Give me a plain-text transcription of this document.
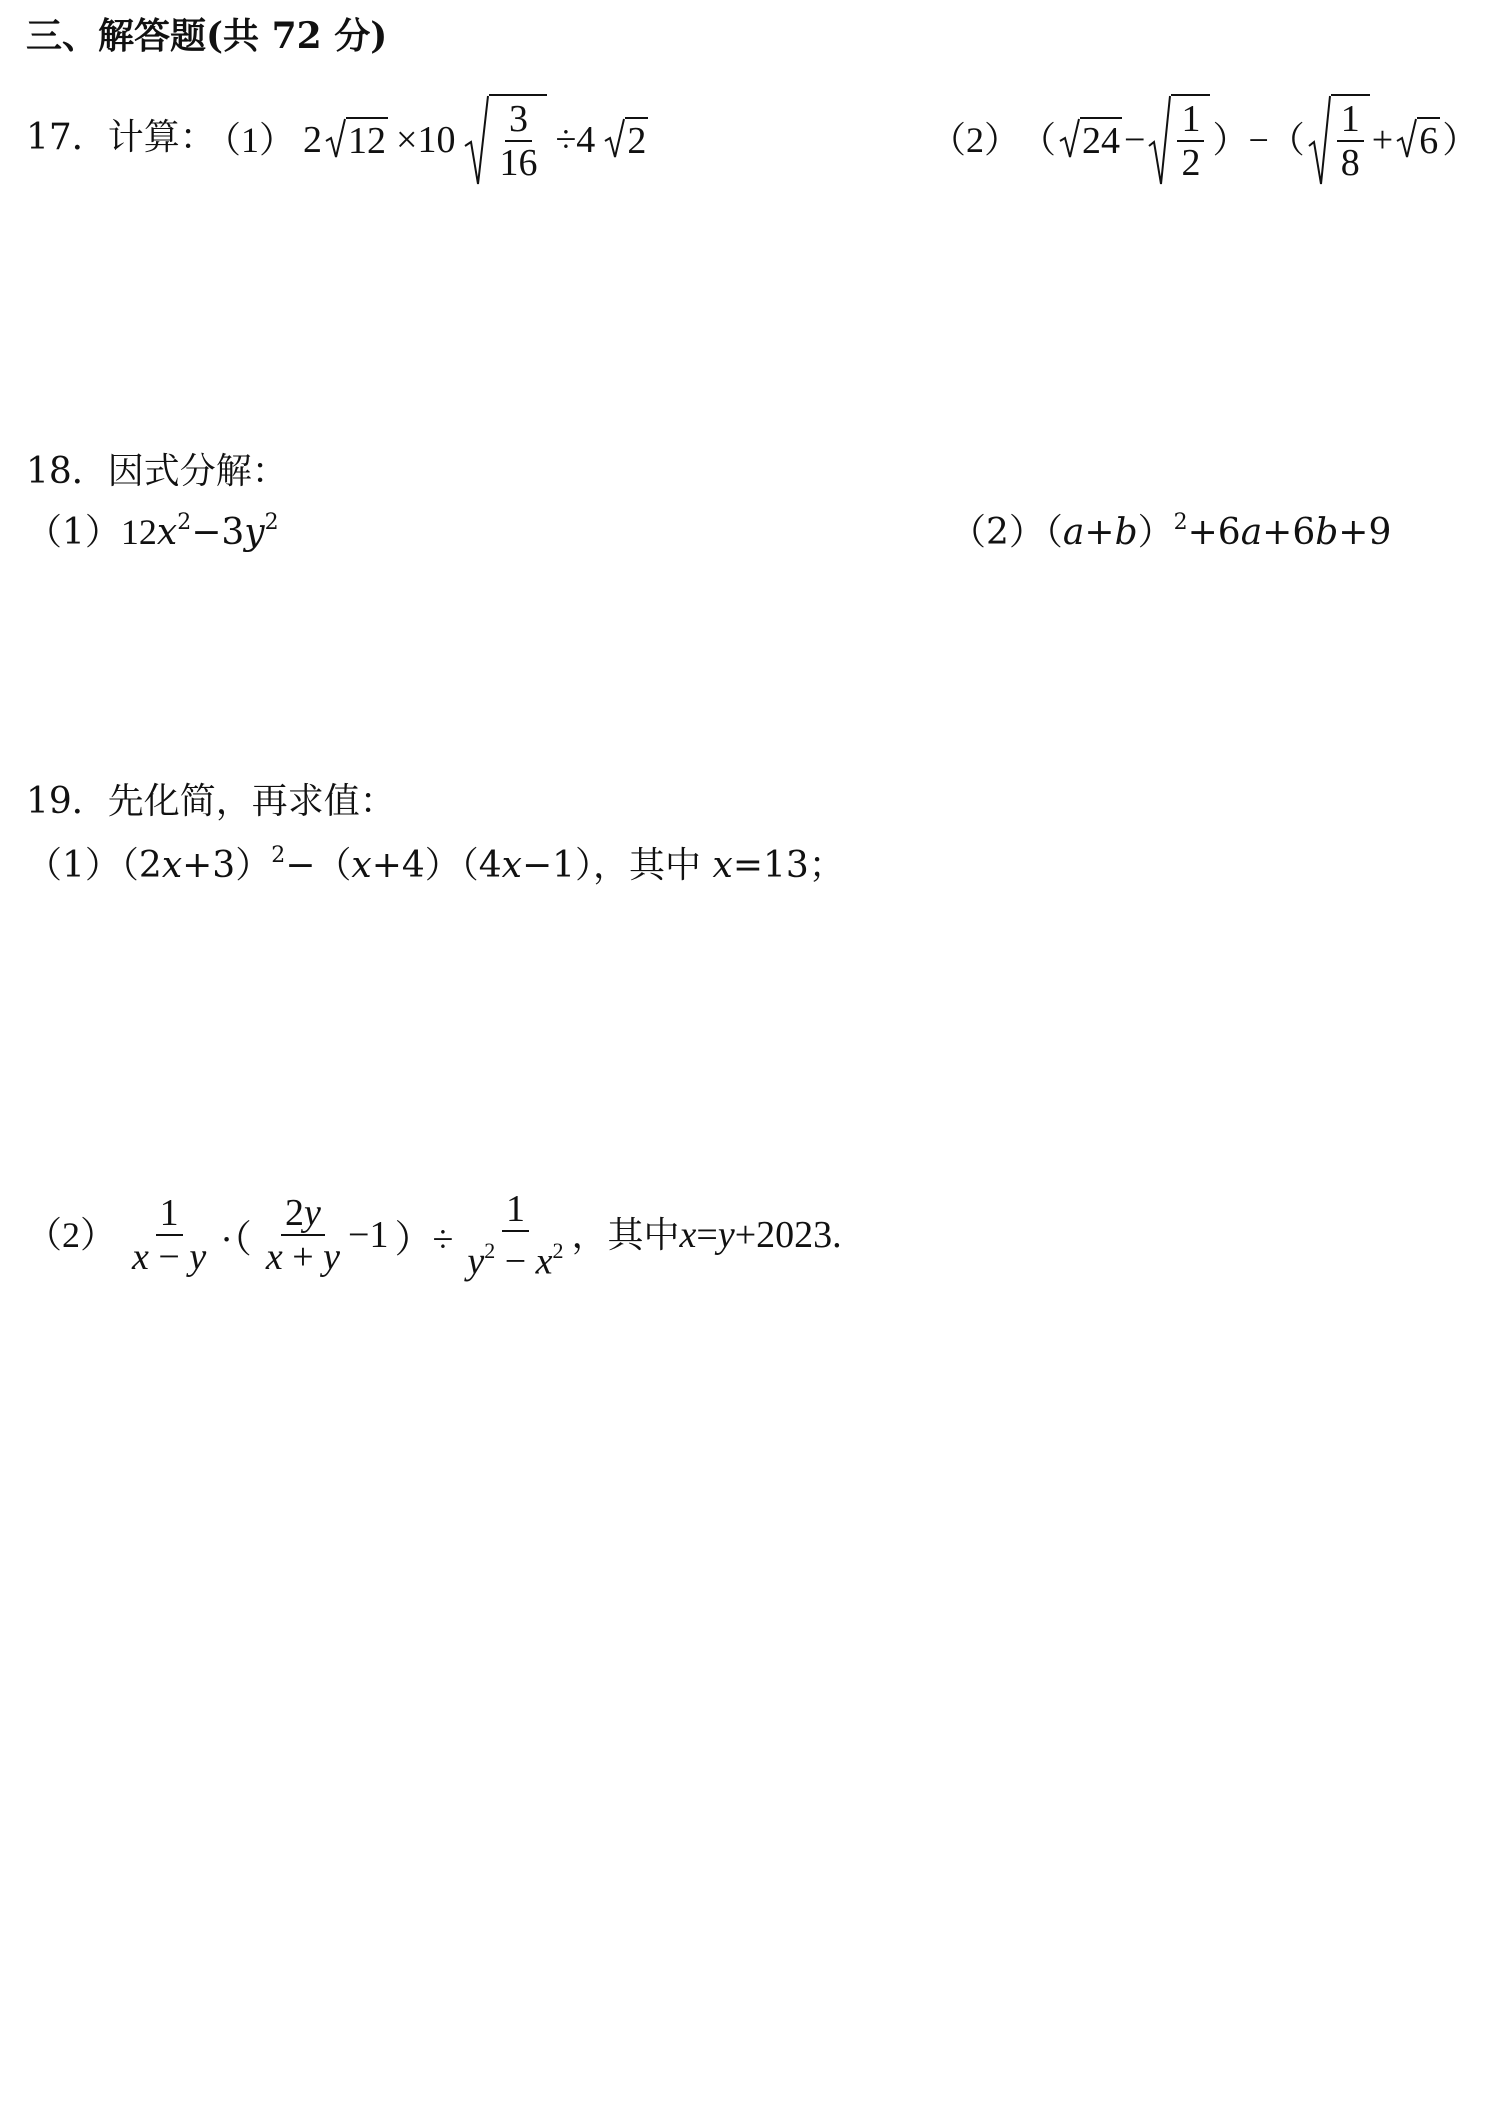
三、解答题(共 72 分)
17．计算：
（1） 2 $12 \times 10 \frac{3}{16} \div 4$ 2	（2） （ $24 - \frac{1}{2}$ ）−（ $\frac{1}{8} + 6$ ）
18．因式分解：
$(1)12x^2-3y^2$	$(2)(a+b)^2+6a+6b+9$
19．先化简，再求值：
$(1)(2x+3)^2-(x+4)(4x-1)$，其中 x=13；
$(2) \frac{1}{x - y}$ ·（ $\frac{2y}{x + y} -1$ ）÷ $\frac{1}{y^2 - x^2}$ ，其中 x = y +2023.
